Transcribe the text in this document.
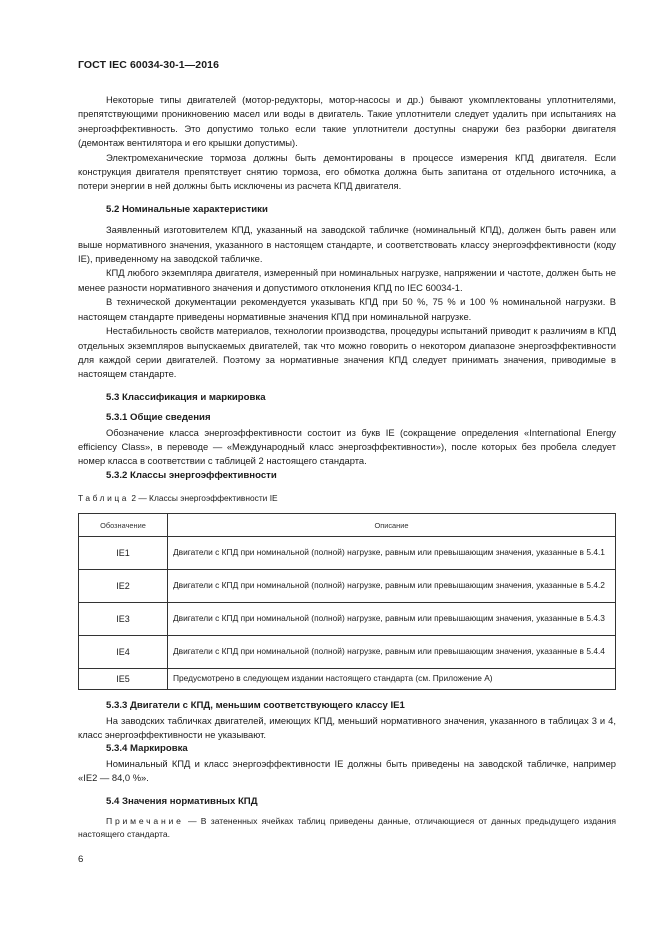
ГОСТ IEC 60034-30-1—2016

Некоторые типы двигателей (мотор-редукторы, мотор-насосы и др.) бывают укомплектованы уплотнителями, препятствующими проникновению масел или воды в двигатель. Такие уплотнители следует удалить при испытаниях на энергоэффективность. Это допустимо только если такие уплотнители доступны снаружи без разборки двигателя (демонтаж вентилятора и его крышки допустимы).

Электромеханические тормоза должны быть демонтированы в процессе измерения КПД двигателя. Если конструкция двигателя препятствует снятию тормоза, его обмотка должна быть запитана от отдельного источника, а потери энергии в ней должны быть исключены из расчета КПД двигателя.

5.2 Номинальные характеристики

Заявленный изготовителем КПД, указанный на заводской табличке (номинальный КПД), должен быть равен или выше нормативного значения, указанного в настоящем стандарте, и соответствовать классу энергоэффективности (коду IE), приведенному на заводской табличке.

КПД любого экземпляра двигателя, измеренный при номинальных нагрузке, напряжении и частоте, должен быть не менее разности нормативного значения и допустимого отклонения КПД по IEC 60034-1.

В технической документации рекомендуется указывать КПД при 50 %, 75 % и 100 % номинальной нагрузки. В настоящем стандарте приведены нормативные значения КПД при номинальной нагрузке.

Нестабильность свойств материалов, технологии производства, процедуры испытаний приводит к различиям в КПД отдельных экземпляров выпускаемых двигателей, так что можно говорить о некотором диапазоне энергоэффективности для каждой серии двигателей. Поэтому за нормативные значения КПД следует принимать значения, приводимые в настоящем стандарте.

5.3 Классификация и маркировка

5.3.1 Общие сведения

Обозначение класса энергоэффективности состоит из букв IE (сокращение определения «International Energy efficiency Class», в переводе — «Международный класс энергоэффективности»), после которых без пробела следует номер класса в соответствии с таблицей 2 настоящего стандарта.

5.3.2 Классы энергоэффективности

Таблица 2 — Классы энергоэффективности IE

Обозначение	Описание
IE1	Двигатели с КПД при номинальной (полной) нагрузке, равным или превышающим значения, указанные в 5.4.1
IE2	Двигатели с КПД при номинальной (полной) нагрузке, равным или превышающим значения, указанные в 5.4.2
IE3	Двигатели с КПД при номинальной (полной) нагрузке, равным или превышающим значения, указанные в 5.4.3
IE4	Двигатели с КПД при номинальной (полной) нагрузке, равным или превышающим значения, указанные в 5.4.4
IE5	Предусмотрено в следующем издании настоящего стандарта (см. Приложение А)

5.3.3 Двигатели с КПД, меньшим соответствующего классу IE1

На заводских табличках двигателей, имеющих КПД, меньший нормативного значения, указанного в таблицах 3 и 4, класс энергоэффективности не указывают.

5.3.4 Маркировка

Номинальный КПД и класс энергоэффективности IE должны быть приведены на заводской табличке, например «IE2 — 84,0 %».

5.4 Значения нормативных КПД

Примечание — В затененных ячейках таблиц приведены данные, отличающиеся от данных предыдущего издания настоящего стандарта.

6
